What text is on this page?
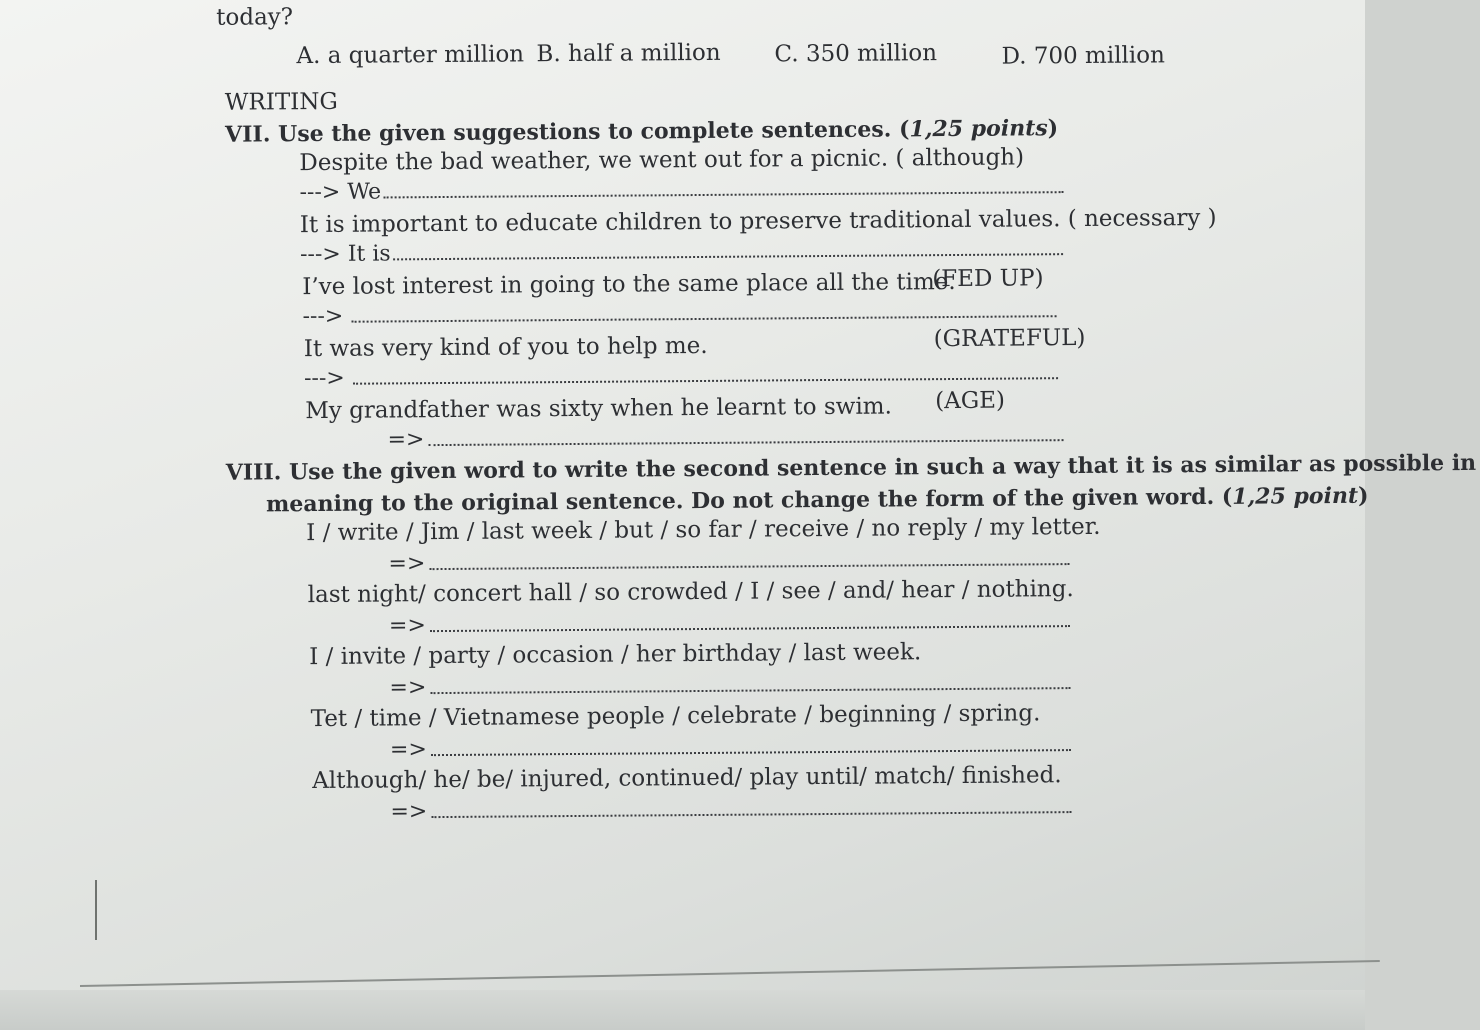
today?
A. a quarter million B. half a million C. 350 million	D. 700 million
WRITING
VII. Use the given suggestions to complete sentences. (1,25 points)
Despite the bad weather, we went out for a picnic. ( although)
---> We
It is important to educate children to preserve traditional values. ( necessary )
---> It is
I’ve lost interest in going to the same place all the time.
(FED UP)
--->
It was very kind of you to help me.	(GRATEFUL)
--->
My grandfather was sixty when he learnt to swim. (AGE)
=>
VIII. Use the given word to write the second sentence in such a way that it is as similar as possible in
meaning to the original sentence. Do not change the form of the given word. (1,25 point)
I / write / Jim / last week / but / so far / receive / no reply / my letter.
=>
last night/ concert hall / so crowded / I / see / and/ hear / nothing.
=>
I / invite / party / occasion / her birthday / last week.
=>
Tet / time / Vietnamese people / celebrate / beginning / spring.
=>
Although/ he/ be/ injured, continued/ play until/ match/ finished.
=>
